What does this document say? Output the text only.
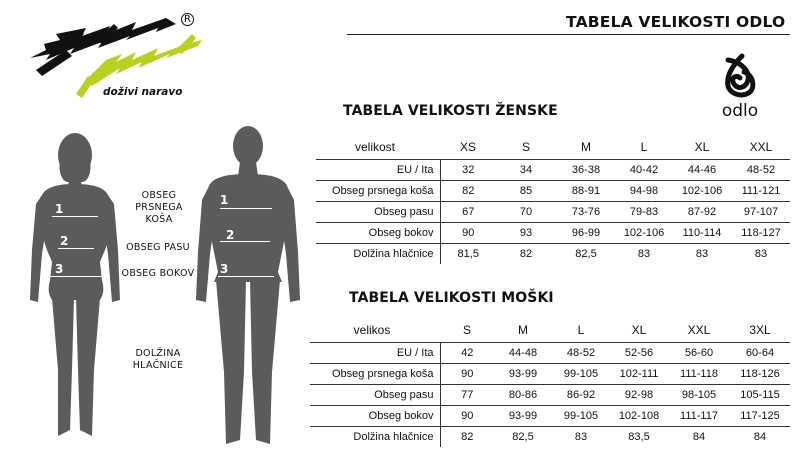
TABELA VELIKOSTI ODLO
R
doživi naravo
odlo
1
2
3
1
2
3
OBSEG
PRSNEGA
KOŠA
OBSEG PASU
OBSEG BOKOV
DOLŽINA
HLAČNICE
TABELA VELIKOSTI ŽENSKE
velikost	XS	S	M	L	XL	XXL
EU / Ita	32	34	36-38	40-42	44-46	48-52
Obseg prsnega koša	82	85	88-91	94-98	102-106	111-121
Obseg pasu	67	70	73-76	79-83	87-92	97-107
Obseg bokov	90	93	96-99	102-106	110-114	118-127
Dolžina hlačnice	81,5	82	82,5	83	83	83
TABELA VELIKOSTI MOŠKI
velikos	S	M	L	XL	XXL	3XL
EU / Ita	42	44-48	48-52	52-56	56-60	60-64
Obseg prsnega koša	90	93-99	99-105	102-111	111-118	118-126
Obseg pasu	77	80-86	86-92	92-98	98-105	105-115
Obseg bokov	90	93-99	99-105	102-108	111-117	117-125
Dolžina hlačnice	82	82,5	83	83,5	84	84
